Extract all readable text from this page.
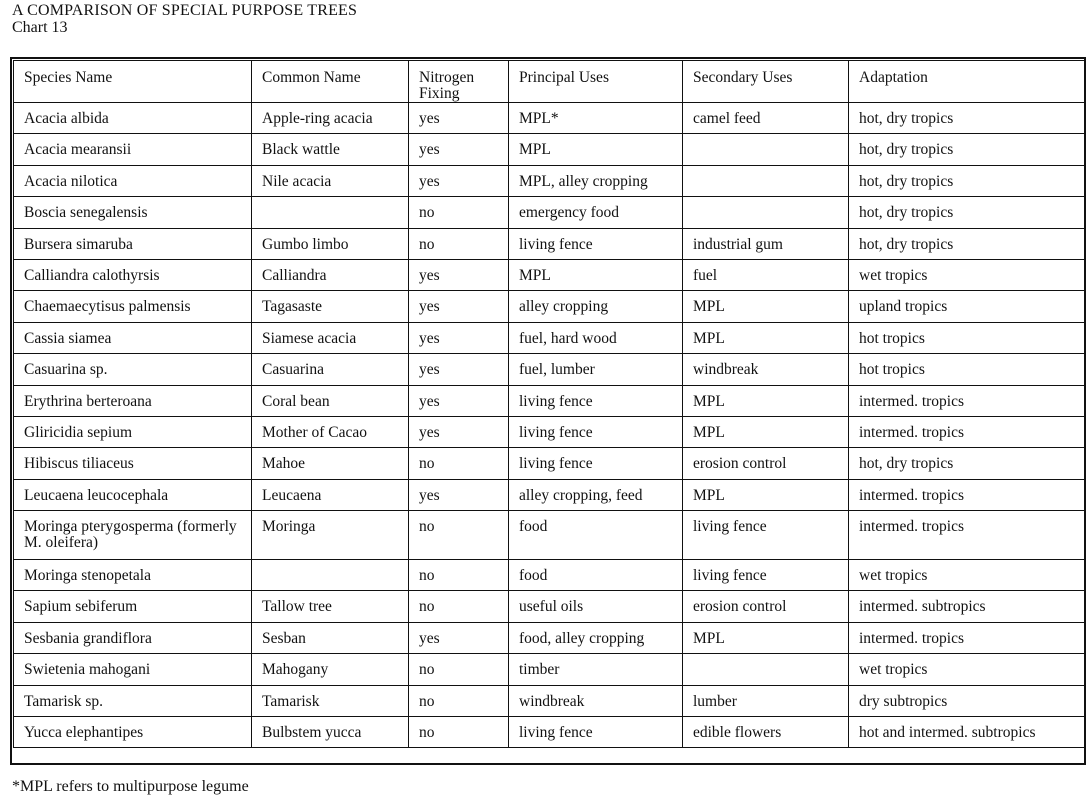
A COMPARISON OF SPECIAL PURPOSE TREES
Chart 13
Species Name	Common Name	Nitrogen Fixing	Principal Uses	Secondary Uses	Adaptation
Acacia albida	Apple-ring acacia	yes	MPL*	camel feed	hot, dry tropics
Acacia mearansii	Black wattle	yes	MPL		hot, dry tropics
Acacia nilotica	Nile acacia	yes	MPL, alley cropping		hot, dry tropics
Boscia senegalensis		no	emergency food		hot, dry tropics
Bursera simaruba	Gumbo limbo	no	living fence	industrial gum	hot, dry tropics
Calliandra calothyrsis	Calliandra	yes	MPL	fuel	wet tropics
Chaemaecytisus palmensis	Tagasaste	yes	alley cropping	MPL	upland tropics
Cassia siamea	Siamese acacia	yes	fuel, hard wood	MPL	hot tropics
Casuarina sp.	Casuarina	yes	fuel, lumber	windbreak	hot tropics
Erythrina berteroana	Coral bean	yes	living fence	MPL	intermed. tropics
Gliricidia sepium	Mother of Cacao	yes	living fence	MPL	intermed. tropics
Hibiscus tiliaceus	Mahoe	no	living fence	erosion control	hot, dry tropics
Leucaena leucocephala	Leucaena	yes	alley cropping, feed	MPL	intermed. tropics
Moringa pterygosperma (formerly M. oleifera)	Moringa	no	food	living fence	intermed. tropics
Moringa stenopetala		no	food	living fence	wet tropics
Sapium sebiferum	Tallow tree	no	useful oils	erosion control	intermed. subtropics
Sesbania grandiflora	Sesban	yes	food, alley cropping	MPL	intermed. tropics
Swietenia mahogani	Mahogany	no	timber		wet tropics
Tamarisk sp.	Tamarisk	no	windbreak	lumber	dry subtropics
Yucca elephantipes	Bulbstem yucca	no	living fence	edible flowers	hot and intermed. subtropics
*MPL refers to multipurpose legume
